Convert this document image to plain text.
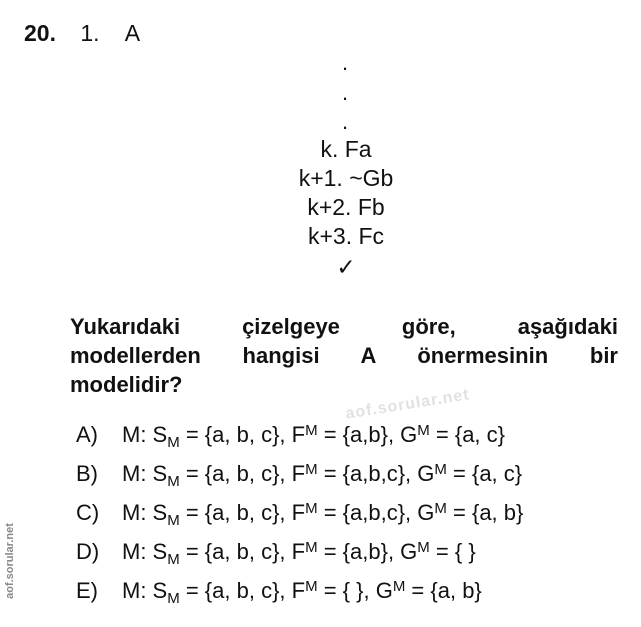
20. 1. A
.
.
.
k. Fa
k+1. ~Gb
k+2. Fb
k+3. Fc
✓
Yukarıdaki çizelgeye göre, aşağıdaki
modellerden hangisi A önermesinin bir
modelidir?
aof.sorular.net
A) M: $S_M = \{a$, b, c}, $F^M = \{a,b\}$, $G^M = \{a$, c}
B) M: $S_M = \{a$, b, c}, $F^M = \{a,b,c\}$, $G^M = \{a$, c}
C) M: $S_M = \{a$, b, c}, $F^M = \{a,b,c\}$, $G^M = \{a$, b}
D) M: $S_M = \{a$, b, c}, $F^M = \{a,b\}$, $G^M$ = { }
E) M: $S_M = \{a$, b, c}, $F^M$ = { }, $G^M = \{a$, b}
aof.sorular.net
